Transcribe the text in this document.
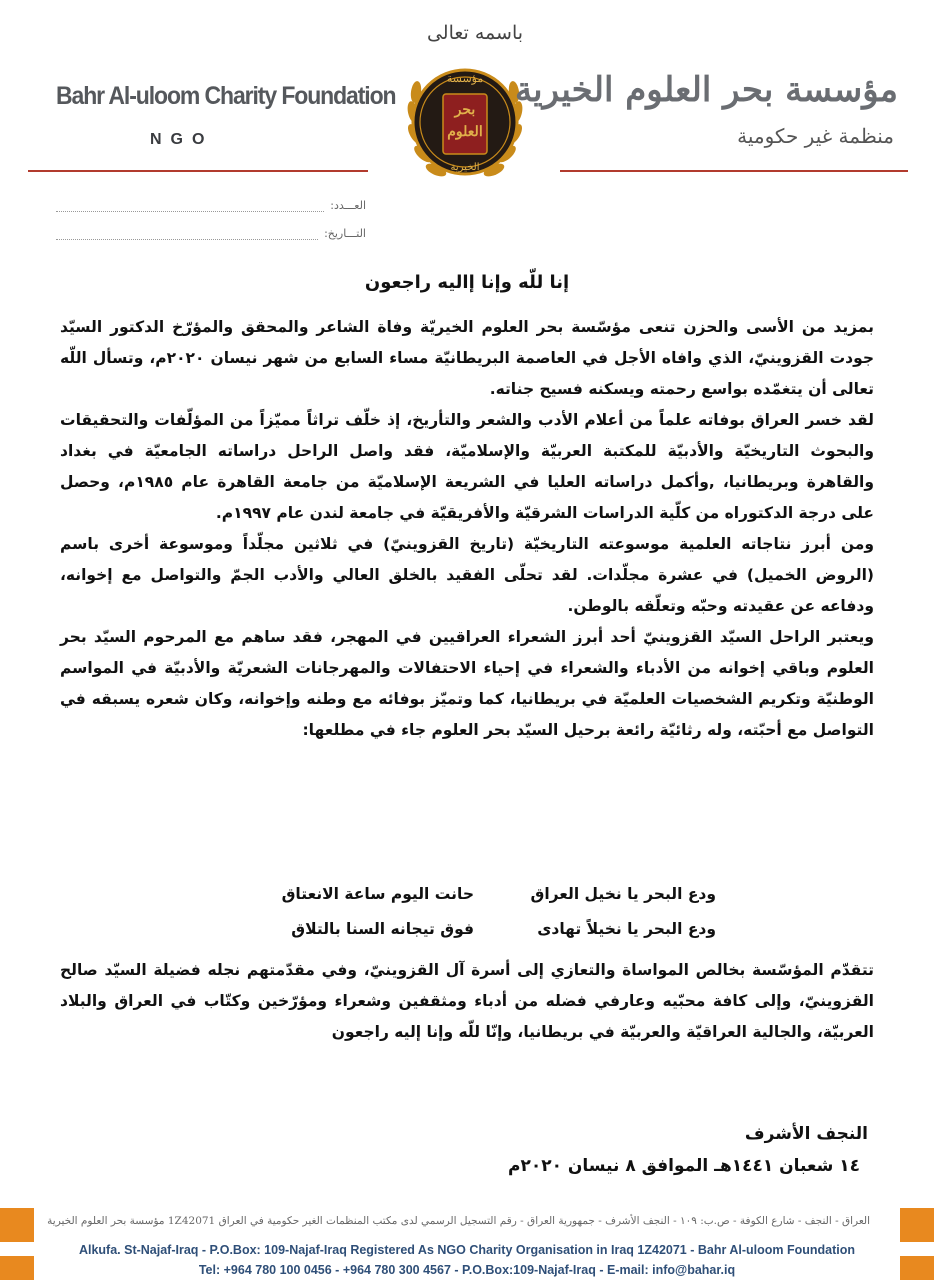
Bahr Al-uloom Charity Foundation
NGO
باسمه تعالى
مؤسسة
بحر
العلوم
الخيرية
مؤسسة بحر العلوم الخيرية
منظمة غير حكومية
العـــدد:
التـــاريخ:
إنا للّه وإنا إاليه راجعون

بمزيد من الأسى والحزن تنعى مؤسّسة بحر العلوم الخيريّة وفاة الشاعر والمحقق والمؤرّخ الدكتور السيّد جودت القزوينيّ، الذي وافاه الأجل في العاصمة البريطانيّة مساء السابع من شهر نيسان ٢٠٢٠م، وتسأل اللّه تعالى أن يتغمّده بواسع رحمته ويسكنه فسيح جناته.

لقد خسر العراق بوفاته علماً من أعلام الأدب والشعر والتأريخ، إذ خلّف تراثاً مميّزاً من المؤلّفات والتحقيقات والبحوث التاريخيّة والأدبيّة للمكتبة العربيّة والإسلاميّة، فقد واصل الراحل دراساته الجامعيّة في بغداد والقاهرة وبريطانيا، ,وأكمل دراساته العليا في الشريعة الإسلاميّة من جامعة القاهرة عام ١٩٨٥م، وحصل على درجة الدكتوراه من كلّية الدراسات الشرقيّة والأفريقيّة في جامعة لندن عام ١٩٩٧م.

ومن أبرز نتاجاته العلمية موسوعته التاريخيّة (تاريخ القزوينيّ) في ثلاثين مجلّداً وموسوعة أخرى باسم (الروض الخميل) في عشرة مجلّدات. لقد تحلّى الفقيد بالخلق العالي والأدب الجمّ والتواصل مع إخوانه، ودفاعه عن عقيدته وحبّه وتعلّقه بالوطن.

ويعتبر الراحل السيّد القزوينيّ أحد أبرز الشعراء العراقيين في المهجر، فقد ساهم مع المرحوم السيّد بحر العلوم وباقي إخوانه من الأدباء والشعراء في إحياء الاحتفالات والمهرجانات الشعريّة والأدبيّة في المواسم الوطنيّة وتكريم الشخصيات العلميّة في بريطانيا، كما وتميّز بوفائه مع وطنه وإخوانه، وكان شعره يسبقه في التواصل مع أحبّته، وله رثائيّة رائعة برحيل السيّد بحر العلوم جاء في مطلعها:

ودع البحر يا نخيل العراق
حانت اليوم ساعة الانعتاق
ودع البحر يا نخيلاً تهادى
فوق تيجانه السنا بالتلاق
تتقدّم المؤسّسة بخالص المواساة والتعازي إلى أسرة آل القزوينيّ، وفي مقدّمتهم نجله فضيلة السيّد صالح القزوينيّ، وإلى كافة محبّيه وعارفي فضله من أدباء ومثقفين وشعراء ومؤرّخين وكتّاب في العراق والبلاد العربيّة، والجالية العراقيّة والعربيّة في بريطانيا، وإنّا للّه وإنا إليه راجعون
النجف الأشرف
١٤ شعبان ١٤٤١هـ الموافق ٨ نيسان ٢٠٢٠م
العراق - النجف - شارع الكوفة - ص.ب: ١٠٩ - النجف الأشرف - جمهورية العراق - رقم التسجيل الرسمي لدى مكتب المنظمات الغير حكومية في العراق 1Z42071 مؤسسة بحر العلوم الخيرية
Alkufa. St-Najaf-Iraq - P.O.Box: 109-Najaf-Iraq Registered As NGO Charity Organisation in Iraq 1Z42071 - Bahr Al-uloom Foundation
Tel: +964 780 100 0456 - +964 780 300 4567 - P.O.Box:109-Najaf-Iraq - E-mail: info@bahar.iq
